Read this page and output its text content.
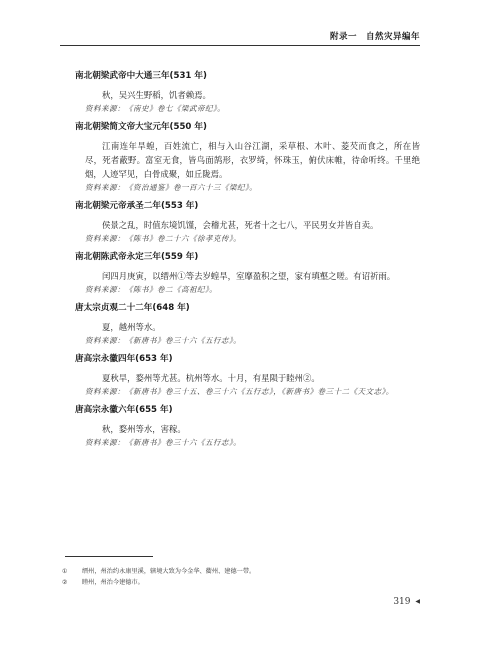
附录一　自然灾异编年
南北朝梁武帝中大通三年(531 年)

秋，吴兴生野稻，饥者赖焉。

资料来源：《南史》卷七《梁武帝纪》。

南北朝梁简文帝大宝元年(550 年)

江南连年旱蝗，百姓流亡，相与入山谷江湖，采草根、木叶、菱芡而食之，所在皆尽，死者蔽野。富室无食，皆鸟面鹄形，衣罗绮，怀珠玉，俯伏床帷，待命听终。千里绝烟，人迹罕见，白骨成聚，如丘陇焉。

资料来源：《资治通鉴》卷一百六十三《梁纪》。

南北朝梁元帝承圣二年(553 年)

侯景之乱，时值东境饥馑，会稽尤甚，死者十之七八，平民男女并皆自卖。

资料来源：《陈书》卷二十六《徐孝克传》。

南北朝陈武帝永定三年(559 年)

闰四月庚寅，以缙州①等去岁蝗旱，室靡盈积之望，家有填壑之嗟。有诏祈雨。

资料来源：《陈书》卷二《高祖纪》。

唐太宗贞观二十二年(648 年)

夏，越州等水。

资料来源：《新唐书》卷三十六《五行志》。

唐高宗永徽四年(653 年)

夏秋旱，婺州等尤甚。杭州等水。十月，有星陨于睦州②。

资料来源：《新唐书》卷三十五、卷三十六《五行志》，《新唐书》卷三十二《天文志》。

唐高宗永徽六年(655 年)

秋，婺州等水，害稼。

资料来源：《新唐书》卷三十六《五行志》。

①	缙州，州治约永康里溪，辖境大致为今金华、衢州、建德一带。
②	睦州，州治今建德市。
319 ◀
